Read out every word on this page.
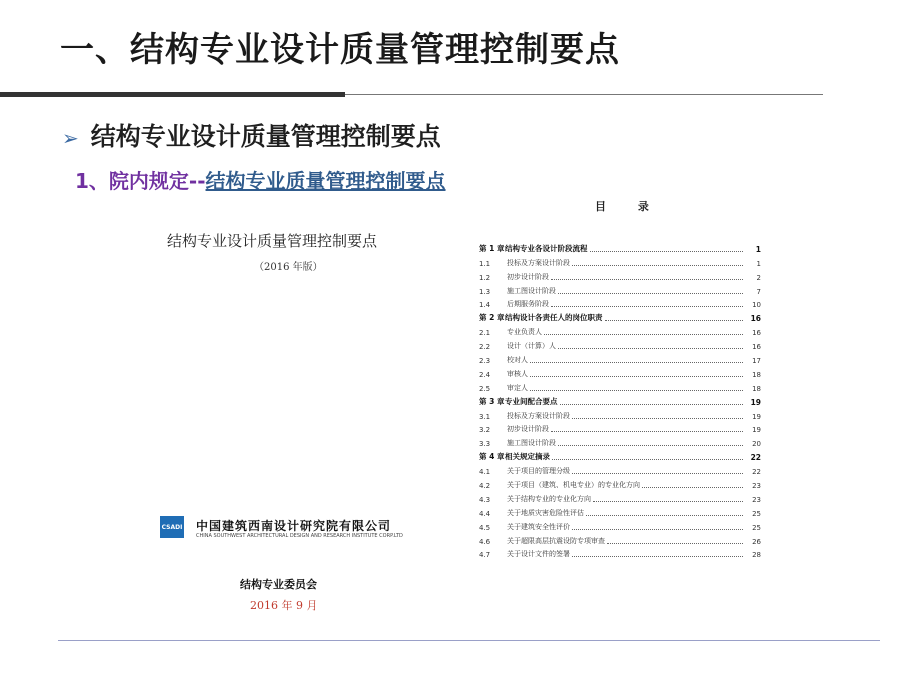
一、结构专业设计质量管理控制要点
➢ 结构专业设计质量管理控制要点
1、院内规定--结构专业质量管理控制要点
结构专业设计质量管理控制要点
（2016 年版）
CSADI 中国建筑西南设计研究院有限公司
CHINA SOUTHWEST ARCHITECTURAL DESIGN AND RESEARCH INSTITUTE CORP.LTD
结构专业委员会
2016 年 9 月
目 录
第 1 章 结构专业各设计阶段流程	1
1.1	投标及方案设计阶段	1
1.2	初步设计阶段	2
1.3	施工图设计阶段	7
1.4	后期服务阶段	10
第 2 章 结构设计各责任人的岗位职责	16
2.1	专业负责人	16
2.2	设计（计算）人	16
2.3	校对人	17
2.4	审核人	18
2.5	审定人	18
第 3 章 专业间配合要点	19
3.1	投标及方案设计阶段	19
3.2	初步设计阶段	19
3.3	施工图设计阶段	20
第 4 章 相关规定摘录	22
4.1	关于项目的管理分级	22
4.2	关于项目（建筑、机电专业）的专业化方向	23
4.3	关于结构专业的专业化方向	23
4.4	关于地质灾害危险性评估	25
4.5	关于建筑安全性评价	25
4.6	关于超限高层抗震设防专项审查	26
4.7	关于设计文件的签署	28
